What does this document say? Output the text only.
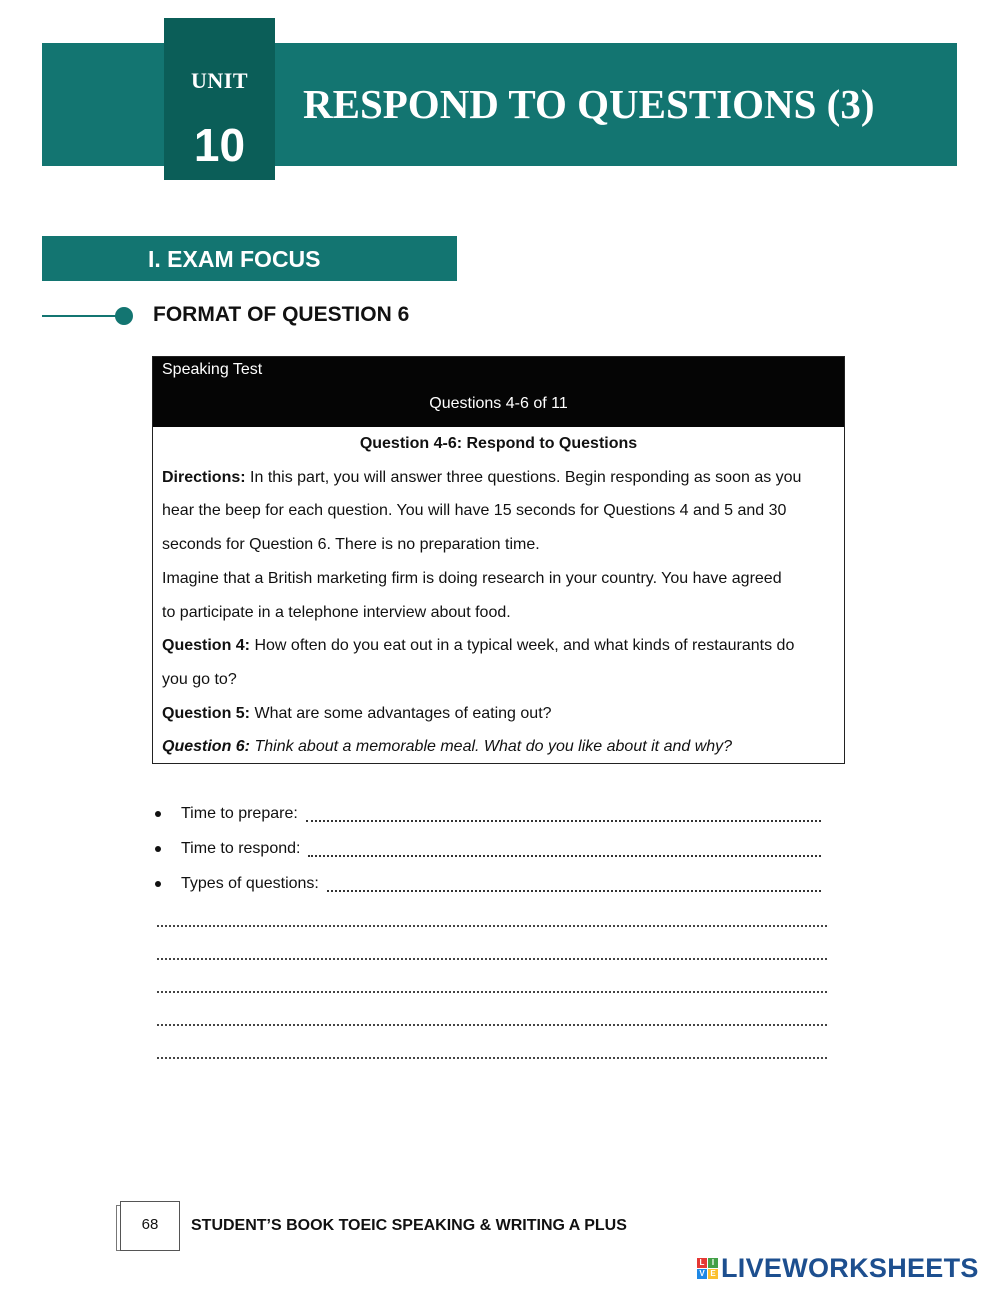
UNIT
10
RESPOND TO QUESTIONS (3)
I. EXAM FOCUS
FORMAT OF QUESTION 6
Speaking Test
Questions 4-6 of 11

Question 4-6: Respond to Questions

Directions: In this part, you will answer three questions. Begin responding as soon as you

hear the beep for each question. You will have 15 seconds for Questions 4 and 5 and 30

seconds for Question 6. There is no preparation time.

Imagine that a British marketing firm is doing research in your country. You have agreed

to participate in a telephone interview about food.

Question 4: How often do you eat out in a typical week, and what kinds of restaurants do

you go to?

Question 5: What are some advantages of eating out?

Question 6: Think about a memorable meal. What do you like about it and why?

Time to prepare:
Time to respond:
Types of questions:
68	STUDENT’S BOOK TOEIC SPEAKING & WRITING A PLUS
L I
V E LIVEWORKSHEETS
